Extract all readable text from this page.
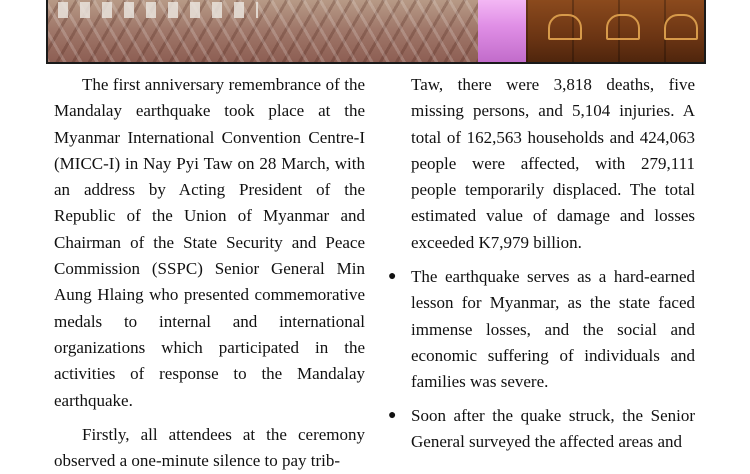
The first anniversary remembrance of the Mandalay earthquake took place at the Myanmar International Convention Centre-I (MICC-I) in Nay Pyi Taw on 28 March, with an address by Acting President of the Republic of the Union of Myanmar and Chairman of the State Security and Peace Commission (SSPC) Senior General Min Aung Hlaing who presented commemorative medals to internal and international organizations which participated in the activities of response to the Mandalay earthquake.

Firstly, all attendees at the ceremony observed a one-minute silence to pay trib-

Taw, there were 3,818 deaths, five missing persons, and 5,104 injuries. A total of 162,563 households and 424,063 people were affected, with 279,111 people temporarily displaced. The total estimated value of damage and losses exceeded K7,979 billion.

● The earthquake serves as a hard-earned lesson for Myanmar, as the state faced immense losses, and the social and economic suffering of individuals and families was severe.
● Soon after the quake struck, the Senior General surveyed the affected areas and
